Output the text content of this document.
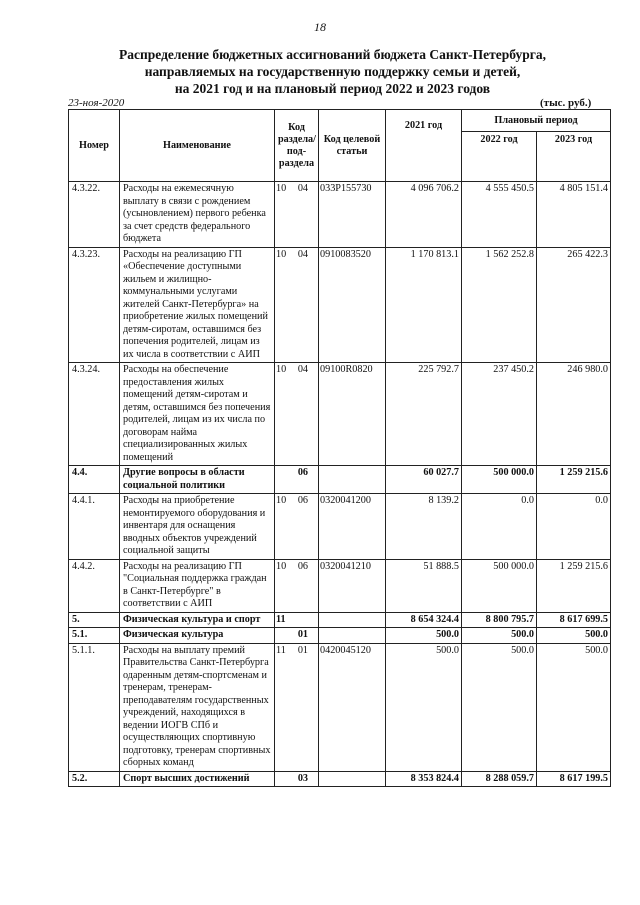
18
Распределение бюджетных ассигнований бюджета Санкт-Петербурга,
направляемых на государственную поддержку семьи и детей,
на 2021 год и на плановый период 2022 и 2023 годов
23-ноя-2020	(тыс. руб.)
Номер	Наименование	Код раздела/ под- раздела	Код целевой статьи	2021 год	Плановый период	
					2022 год	2023 год
4.3.22.	Расходы на ежемесячную выплату в связи с рождением (усыновлением) первого ребенка за счет средств федерального бюджета	10 04	033P155730	4 096 706.2	4 555 450.5	4 805 151.4
4.3.23.	Расходы на реализацию ГП «Обеспечение доступными жильем и жилищно-коммунальными услугами жителей Санкт-Петербурга» на приобретение жилых помещений детям-сиротам, оставшимся без попечения родителей, лицам из их числа в соответствии с АИП	10 04	0910083520	1 170 813.1	1 562 252.8	265 422.3
4.3.24.	Расходы на обеспечение предоставления жилых помещений детям-сиротам и детям, оставшимся без попечения родителей, лицам из их числа по договорам найма специализированных жилых помещений	10 04	09100R0820	225 792.7	237 450.2	246 980.0
4.4.	Другие вопросы в области социальной политики	06		60 027.7	500 000.0	1 259 215.6
4.4.1.	Расходы на приобретение немонтируемого оборудования и инвентаря для оснащения вводных объектов учреждений социальной защиты	10 06	0320041200	8 139.2	0.0	0.0
4.4.2.	Расходы на реализацию ГП "Социальная поддержка граждан в Санкт-Петербурге" в соответствии с АИП	10 06	0320041210	51 888.5	500 000.0	1 259 215.6
5.	Физическая культура и спорт	11		8 654 324.4	8 800 795.7	8 617 699.5
5.1.	Физическая культура	01		500.0	500.0	500.0
5.1.1.	Расходы на выплату премий Правительства Санкт-Петербурга одаренным детям-спортсменам и тренерам, тренерам-преподавателям государственных учреждений, находящихся в ведении ИОГВ СПб и осуществляющих спортивную подготовку, тренерам спортивных сборных команд	11 01	0420045120	500.0	500.0	500.0
5.2.	Спорт высших достижений	03		8 353 824.4	8 288 059.7	8 617 199.5
